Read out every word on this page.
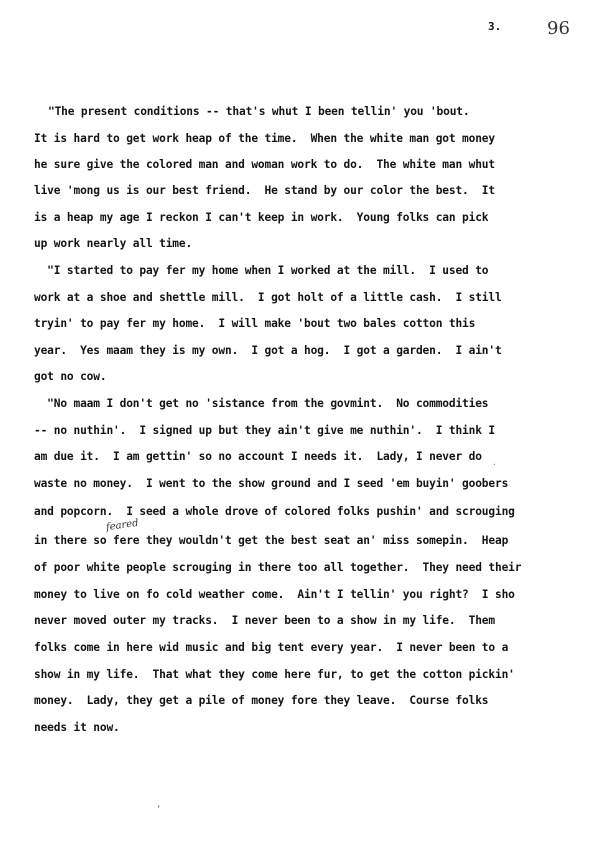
3.	96
"The present conditions -- that's whut I been tellin' you 'bout.
It is hard to get work heap of the time.  When the white man got money
he sure give the colored man and woman work to do.  The white man whut
live 'mong us is our best friend.  He stand by our color the best.  It
is a heap my age I reckon I can't keep in work.  Young folks can pick
up work nearly all time.
"I started to pay fer my home when I worked at the mill.  I used to
work at a shoe and shettle mill.  I got holt of a little cash.  I still
tryin' to pay fer my home.  I will make 'bout two bales cotton this
year.  Yes maam they is my own.  I got a hog.  I got a garden.  I ain't
got no cow.
"No maam I don't get no 'sistance from the govmint.  No commodities
-- no nuthin'.  I signed up but they ain't give me nuthin'.  I think I
am due it.  I am gettin' so no account I needs it.  Lady, I never do
waste no money.  I went to the show ground and I seed 'em buyin' goobers
and popcorn.  I seed a whole drove of colored folks pushin' and scrouging
in there so fere they wouldn't get the best seat an' miss somepin.  Heap
of poor white people scrouging in there too all together.  They need their
money to live on fo cold weather come.  Ain't I tellin' you right?  I sho
never moved outer my tracks.  I never been to a show in my life.  Them
folks come in here wid music and big tent every year.  I never been to a
show in my life.  That what they come here fur, to get the cotton pickin'
money.  Lady, they get a pile of money fore they leave.  Course folks
needs it now.
feared
,
.
